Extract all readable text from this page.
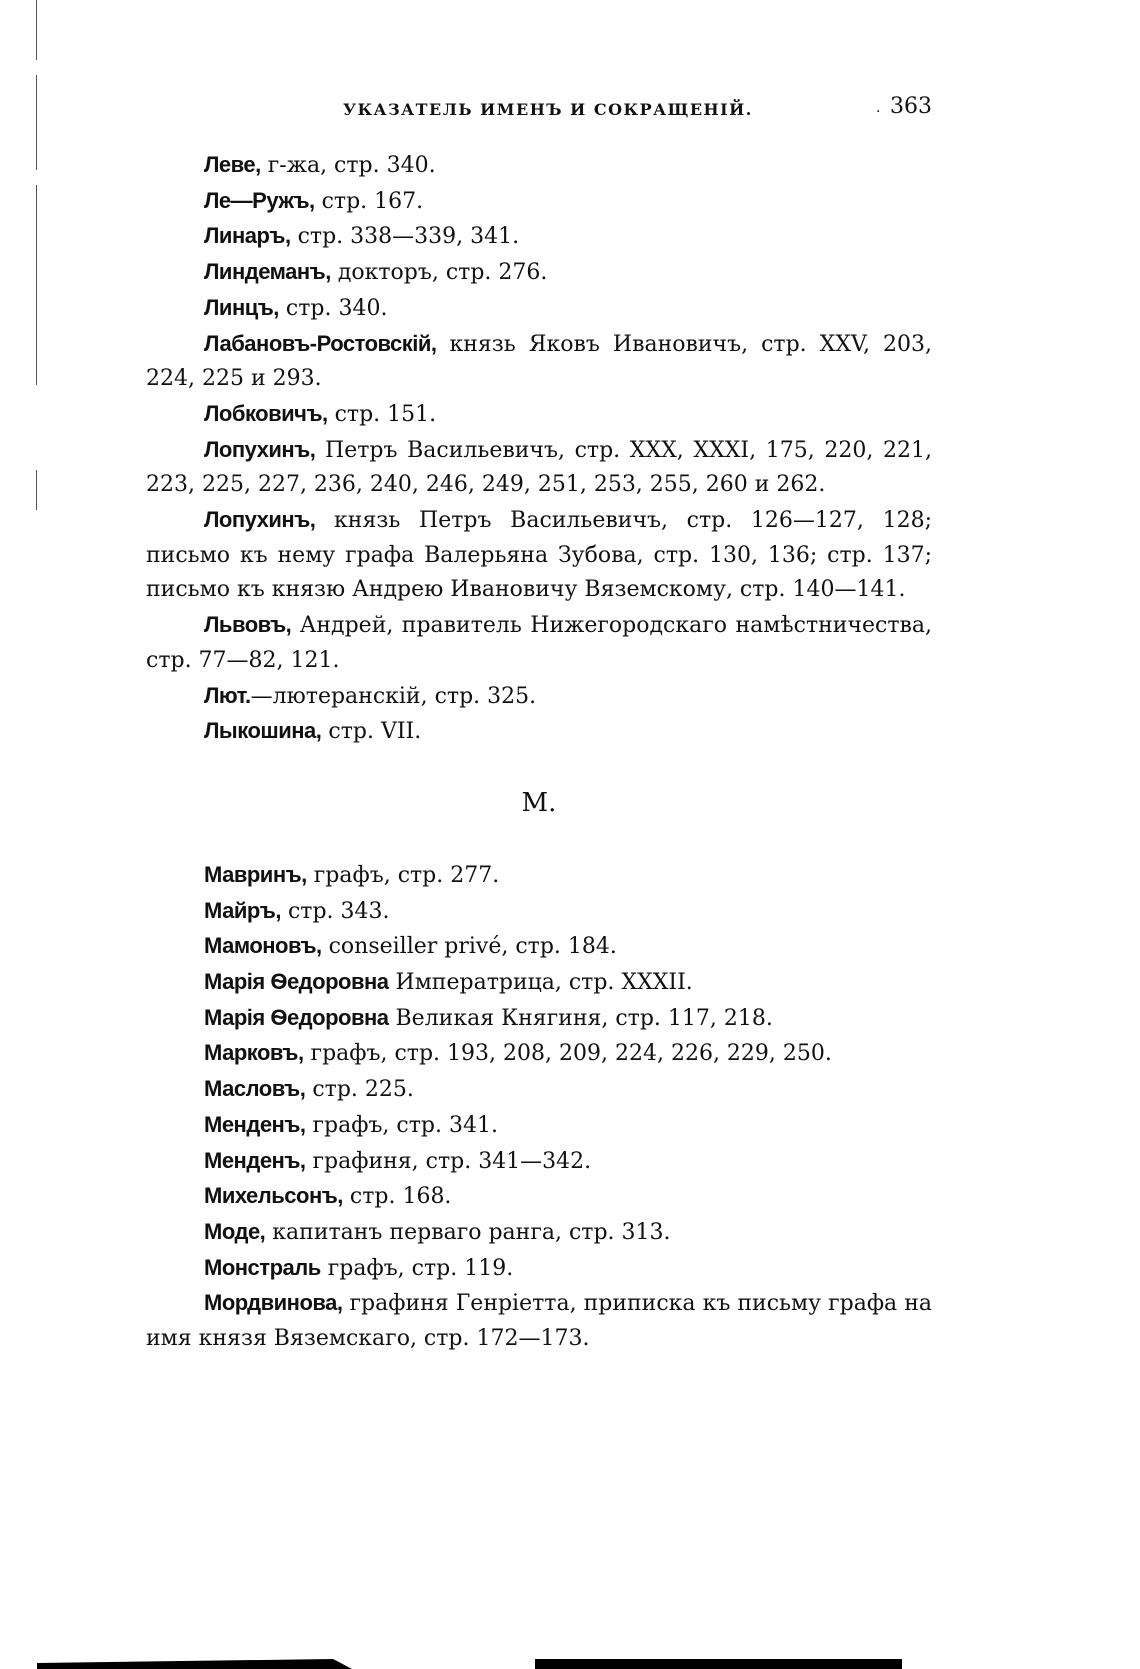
УКАЗАТЕЛЬ ИМЕНЪ И СОКРАЩЕНІЙ.	· 363

Леве, г-жа, стр. 340.

Ле—Ружъ, стр. 167.

Линаръ, стр. 338—339, 341.

Линдеманъ, докторъ, стр. 276.

Линцъ, стр. 340.

Лабановъ-Ростовскій, князь Яковъ Ивановичъ, стр. XXV, 203, 224, 225 и 293.

Лобковичъ, стр. 151.

Лопухинъ, Петръ Васильевичъ, стр. XXX, XXXI, 175, 220, 221, 223, 225, 227, 236, 240, 246, 249, 251, 253, 255, 260 и 262.

Лопухинъ, князь Петръ Васильевичъ, стр. 126—127, 128; письмо къ нему графа Валерьяна Зубова, стр. 130, 136; стр. 137; письмо къ князю Андрею Ивановичу Вяземскому, стр. 140—141.

Львовъ, Андрей, правитель Нижегородскаго намѣстничества, стр. 77—82, 121.

Лют.—лютеранскій, стр. 325.

Лыкошина, стр. VII.

М.

Мавринъ, графъ, стр. 277.

Майръ, стр. 343.

Мамоновъ, conseiller privé, стр. 184.

Марія Ѳедоровна Императрица, стр. XXXII.

Марія Ѳедоровна Великая Княгиня, стр. 117, 218.

Марковъ, графъ, стр. 193, 208, 209, 224, 226, 229, 250.

Масловъ, стр. 225.

Менденъ, графъ, стр. 341.

Менденъ, графиня, стр. 341—342.

Михельсонъ, стр. 168.

Моде, капитанъ перваго ранга, стр. 313.

Монстраль графъ, стр. 119.

Мордвинова, графиня Генріетта, приписка къ письму графа на имя князя Вяземскаго, стр. 172—173.
